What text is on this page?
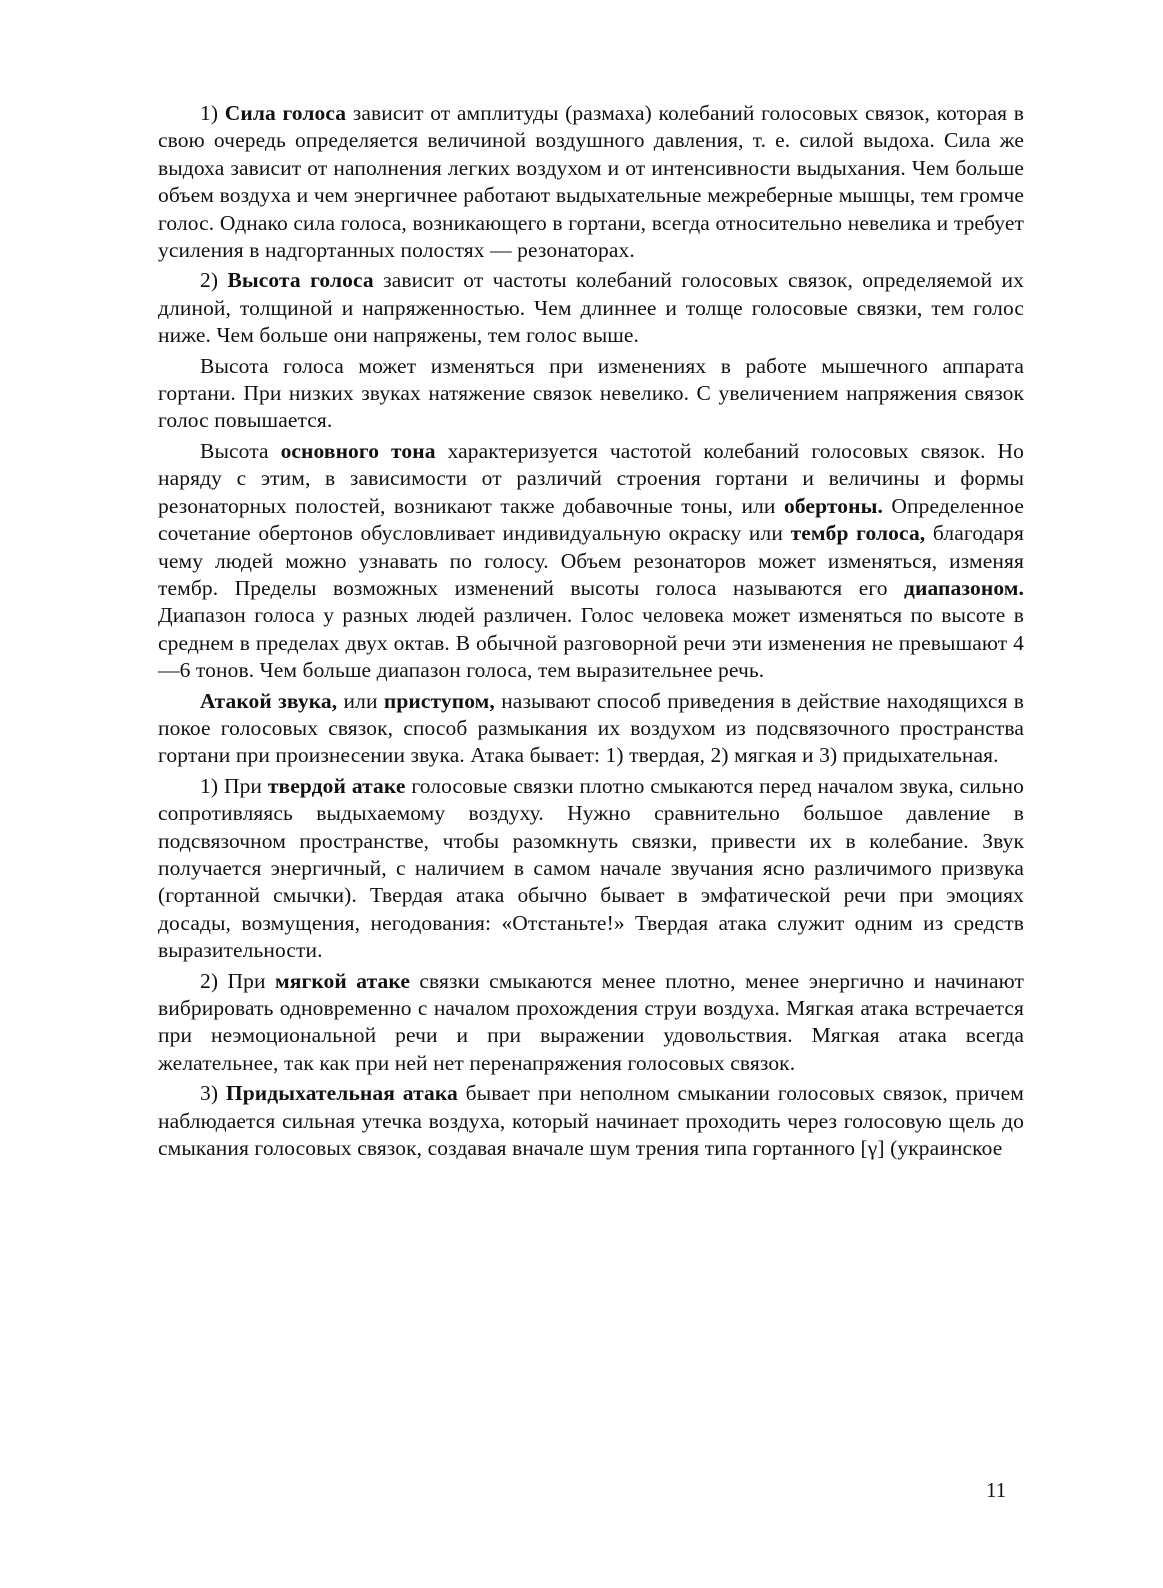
1) Сила голоса зависит от амплитуды (размаха) колебаний голосовых связок, которая в свою очередь определяется величиной воздушного давления, т. е. силой выдоха. Сила же выдоха зависит от наполнения легких воздухом и от интенсивности выдыхания. Чем больше объем воздуха и чем энергичнее работают выдыхательные межреберные мышцы, тем громче голос. Однако сила голоса, возникающего в гортани, всегда относительно невелика и требует усиления в надгортанных полостях — резонаторах.

2) Высота голоса зависит от частоты колебаний голосовых связок, определяемой их длиной, толщиной и напряженностью. Чем длиннее и толще голосовые связки, тем голос ниже. Чем больше они напряжены, тем голос выше.

Высота голоса может изменяться при изменениях в работе мышечного аппарата гортани. При низких звуках натяжение связок невелико. С увеличением напряжения связок голос повышается.

Высота основного тона характеризуется частотой колебаний голосовых связок. Но наряду с этим, в зависимости от различий строения гортани и величины и формы резонаторных полостей, возникают также добавочные тоны, или обертоны. Определенное сочетание обертонов обусловливает индивидуальную окраску или тембр голоса, благодаря чему людей можно узнавать по голосу. Объем резонаторов может изменяться, изменяя тембр. Пределы возможных изменений высоты голоса называются его диапазоном. Диапазон голоса у разных людей различен. Голос человека может изменяться по высоте в среднем в пределах двух октав. В обычной разговорной речи эти изменения не превышают 4—6 тонов. Чем больше диапазон голоса, тем выразительнее речь.

Атакой звука, или приступом, называют способ приведения в действие находящихся в покое голосовых связок, способ размыкания их воздухом из подсвязочного пространства гортани при произнесении звука. Атака бывает: 1) твердая, 2) мягкая и 3) придыхательная.

1) При твердой атаке голосовые связки плотно смыкаются перед началом звука, сильно сопротивляясь выдыхаемому воздуху. Нужно сравнительно большое давление в подсвязочном пространстве, чтобы разомкнуть связки, привести их в колебание. Звук получается энергичный, с наличием в самом начале звучания ясно различимого призвука (гортанной смычки). Твердая атака обычно бывает в эмфатической речи при эмоциях досады, возмущения, негодования: «Отстаньте!» Твердая атака служит одним из средств выразительности.

2) При мягкой атаке связки смыкаются менее плотно, менее энергично и начинают вибрировать одновременно с началом прохождения струи воздуха. Мягкая атака встречается при неэмоциональной речи и при выражении удовольствия. Мягкая атака всегда желательнее, так как при ней нет перенапряжения голосовых связок.

3) Придыхательная атака бывает при неполном смыкании голосовых связок, причем наблюдается сильная утечка воздуха, который начинает проходить через голосовую щель до смыкания голосовых связок, создавая вначале шум трения типа гортанного [γ] (украинское

11
